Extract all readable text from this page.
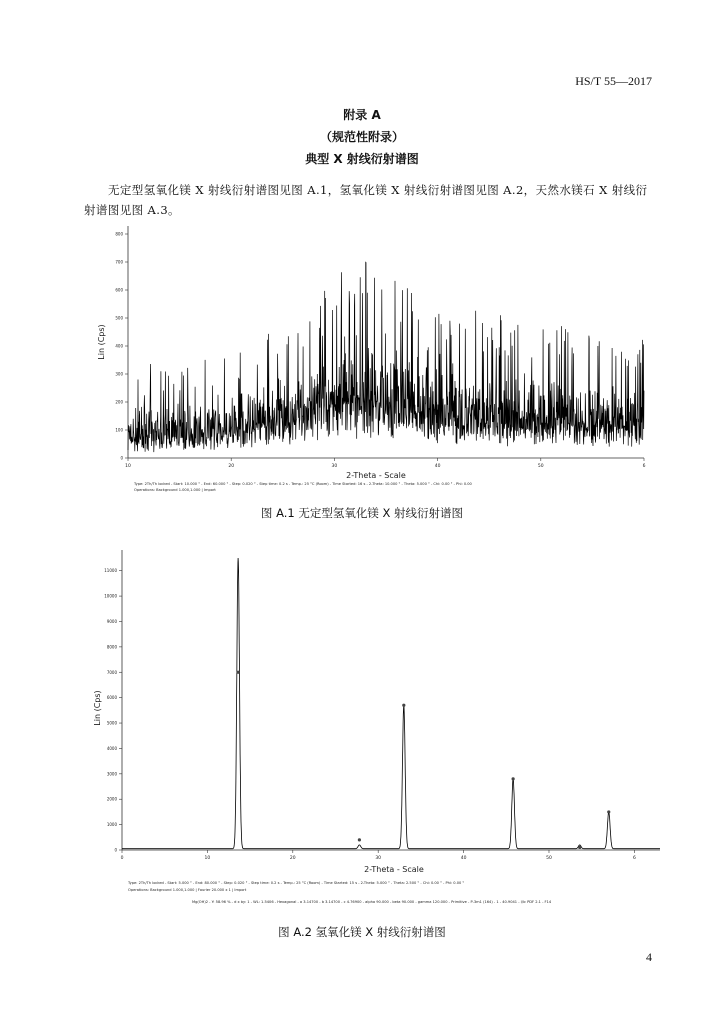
HS/T 55—2017
附录 A
（规范性附录）
典型 X 射线衍射谱图
无定型氢氧化镁 X 射线衍射谱图见图 A.1，氢氧化镁 X 射线衍射谱图见图 A.2，天然水镁石 X 射线衍射谱图见图 A.3。
0
100
200
300
400
500
600
700
800
10	20	30	40	50	6
2-Theta - Scale
Lin (Cps)
Type: 2Th/Th locked - Start: 10.000 ° - End: 60.000 ° - Step: 0.020 ° - Step time: 0.2 s - Temp.: 25 °C (Room) - Time Started: 16 s - 2-Theta: 10.000 ° - Theta: 5.000 ° - Chi: 0.00 ° - Phi: 0.00
Operations: Background 1.000,1.000 | Import
图 A.1 无定型氢氧化镁 X 射线衍射谱图
0
1000
2000
3000
4000
5000
6000
7000
8000
9000
10000
11000
0	10	20	30	40	50	6
2-Theta - Scale
Lin (Cps)
Type: 2Th/Th locked - Start: 5.000 ° - End: 80.000 ° - Step: 0.020 ° - Step time: 0.2 s - Temp.: 25 °C (Room) - Time Started: 15 s - 2-Theta: 5.000 ° - Theta: 2.500 ° - Chi: 0.00 ° - Phi: 0.00 °
Operations: Background 1.000,1.000 | Fourier 20.000 x 1 | Import
Mg(OH)2 - Y: 58.96 % - d x by: 1 - WL: 1.5406 - Hexagonal - a 3.14700 - b 3.14700 - c 4.76900 - alpha 90.000 - beta 90.000 - gamma 120.000 - Primitive - P-3m1 (164) - 1 - 40.9041 - I/Ic PDF 2.1 - F14
图 A.2 氢氧化镁 X 射线衍射谱图
4
